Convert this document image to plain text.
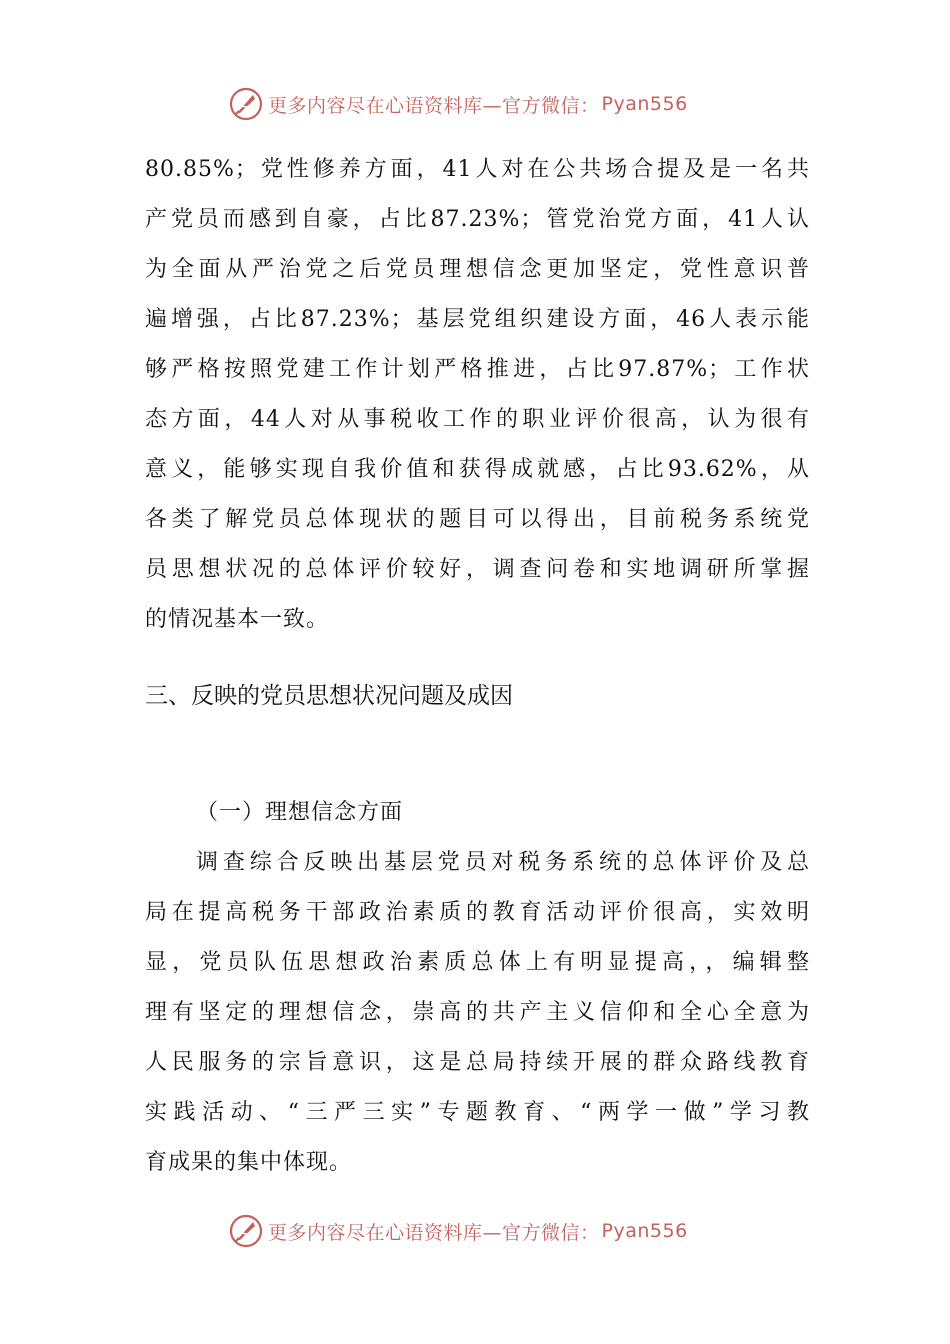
更多内容尽在心语资料库—官方微信： Pyan556
80.85%；党性修养方面，41人对在公共场合提及是一名共
产党员而感到自豪，占比87.23%；管党治党方面，41人认
为全面从严治党之后党员理想信念更加坚定，党性意识普
遍增强，占比87.23%；基层党组织建设方面，46人表示能
够严格按照党建工作计划严格推进，占比97.87%；工作状
态方面，44人对从事税收工作的职业评价很高，认为很有
意义，能够实现自我价值和获得成就感，占比93.62%，从
各类了解党员总体现状的题目可以得出，目前税务系统党
员思想状况的总体评价较好，调查问卷和实地调研所掌握
的情况基本一致。
三、反映的党员思想状况问题及成因
（一）理想信念方面
调查综合反映出基层党员对税务系统的总体评价及总
局在提高税务干部政治素质的教育活动评价很高，实效明
显，党员队伍思想政治素质总体上有明显提高，，编辑整
理有坚定的理想信念，崇高的共产主义信仰和全心全意为
人民服务的宗旨意识，这是总局持续开展的群众路线教育
实践活动、“三严三实”专题教育、“两学一做”学习教
育成果的集中体现。
更多内容尽在心语资料库—官方微信： Pyan556
